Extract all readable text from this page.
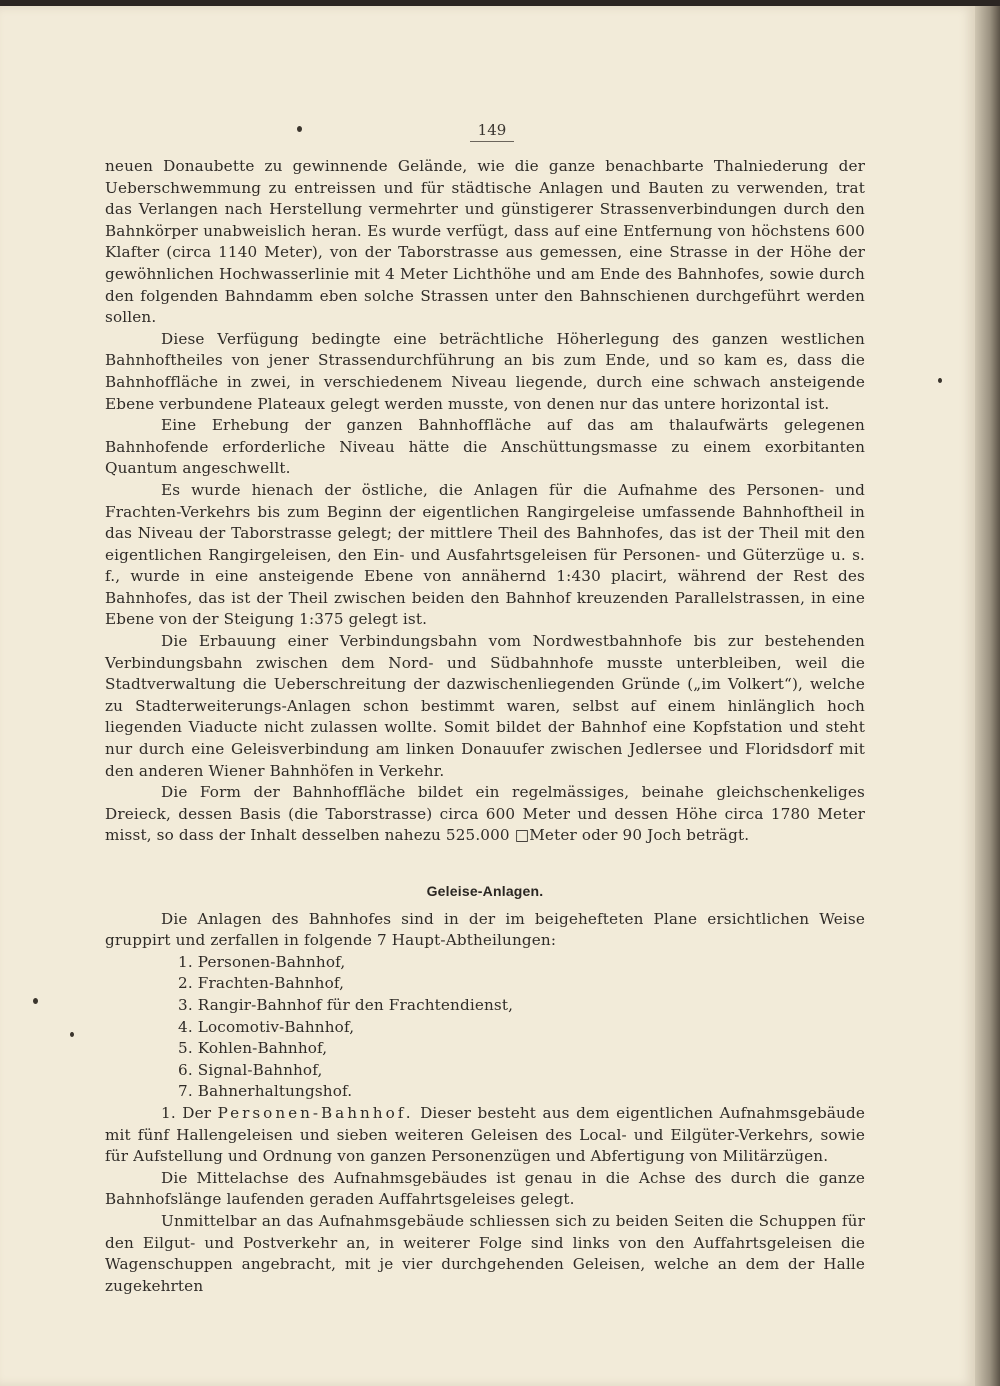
149

neuen Donaubette zu gewinnende Gelände, wie die ganze benachbarte Thalniederung der Ueberschwemmung zu entreissen und für städtische Anlagen und Bauten zu verwenden, trat das Verlangen nach Herstellung vermehrter und günstigerer Strassenverbindungen durch den Bahnkörper unabweislich heran. Es wurde verfügt, dass auf eine Entfernung von höchstens 600 Klafter (circa 1140 Meter), von der Taborstrasse aus gemessen, eine Strasse in der Höhe der gewöhnlichen Hochwasserlinie mit 4 Meter Lichthöhe und am Ende des Bahnhofes, sowie durch den folgenden Bahndamm eben solche Strassen unter den Bahnschienen durchgeführt werden sollen.

Diese Verfügung bedingte eine beträchtliche Höherlegung des ganzen westlichen Bahnhoftheiles von jener Strassendurchführung an bis zum Ende, und so kam es, dass die Bahnhoffläche in zwei, in verschiedenem Niveau liegende, durch eine schwach ansteigende Ebene verbundene Plateaux gelegt werden musste, von denen nur das untere horizontal ist.

Eine Erhebung der ganzen Bahnhoffläche auf das am thalaufwärts gelegenen Bahnhofende erforderliche Niveau hätte die Anschüttungsmasse zu einem exorbitanten Quantum angeschwellt.

Es wurde hienach der östliche, die Anlagen für die Aufnahme des Personen- und Frachten-Verkehrs bis zum Beginn der eigentlichen Rangirgeleise umfassende Bahnhoftheil in das Niveau der Taborstrasse gelegt; der mittlere Theil des Bahnhofes, das ist der Theil mit den eigentlichen Rangirgeleisen, den Ein- und Ausfahrtsgeleisen für Personen- und Güterzüge u. s. f., wurde in eine ansteigende Ebene von annähernd 1:430 placirt, während der Rest des Bahnhofes, das ist der Theil zwischen beiden den Bahnhof kreuzenden Parallelstrassen, in eine Ebene von der Steigung 1:375 gelegt ist.

Die Erbauung einer Verbindungsbahn vom Nordwestbahnhofe bis zur bestehenden Verbindungsbahn zwischen dem Nord- und Südbahnhofe musste unterbleiben, weil die Stadtverwaltung die Ueberschreitung der dazwischenliegenden Gründe („im Volkert“), welche zu Stadterweiterungs-Anlagen schon bestimmt waren, selbst auf einem hinlänglich hoch liegenden Viaducte nicht zulassen wollte. Somit bildet der Bahnhof eine Kopfstation und steht nur durch eine Geleisverbindung am linken Donauufer zwischen Jedlersee und Floridsdorf mit den anderen Wiener Bahnhöfen in Verkehr.

Die Form der Bahnhoffläche bildet ein regelmässiges, beinahe gleichschenkeliges Dreieck, dessen Basis (die Taborstrasse) circa 600 Meter und dessen Höhe circa 1780 Meter misst, so dass der Inhalt desselben nahezu 525.000 □Meter oder 90 Joch beträgt.

Geleise-Anlagen.

Die Anlagen des Bahnhofes sind in der im beigehefteten Plane ersichtlichen Weise gruppirt und zerfallen in folgende 7 Haupt-Abtheilungen:

1. Personen-Bahnhof,
2. Frachten-Bahnhof,
3. Rangir-Bahnhof für den Frachtendienst,
4. Locomotiv-Bahnhof,
5. Kohlen-Bahnhof,
6. Signal-Bahnhof,
7. Bahnerhaltungshof.

1. Der Personen-Bahnhof. Dieser besteht aus dem eigentlichen Aufnahmsgebäude mit fünf Hallengeleisen und sieben weiteren Geleisen des Local- und Eilgüter-Verkehrs, sowie für Aufstellung und Ordnung von ganzen Personenzügen und Abfertigung von Militärzügen.

Die Mittelachse des Aufnahmsgebäudes ist genau in die Achse des durch die ganze Bahnhofslänge laufenden geraden Auffahrtsgeleises gelegt.

Unmittelbar an das Aufnahmsgebäude schliessen sich zu beiden Seiten die Schuppen für den Eilgut- und Postverkehr an, in weiterer Folge sind links von den Auffahrtsgeleisen die Wagenschuppen angebracht, mit je vier durchgehenden Geleisen, welche an dem der Halle zugekehrten
